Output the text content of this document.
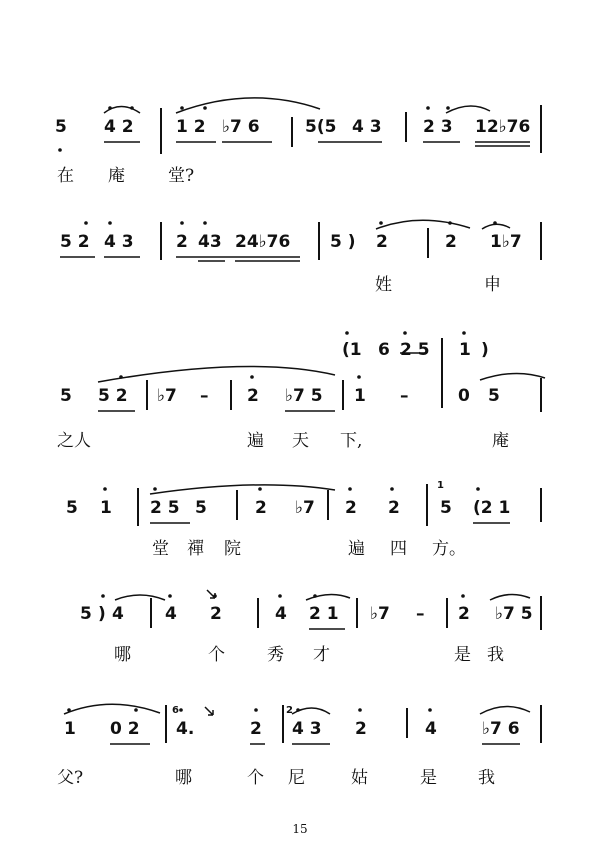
5 4 2 1 2 ♭7 6	5(5 4 3 2 3 12♭76
在 庵	堂?
5 2 4 3 2 43 24♭76 5 ) 2	2 1♭7
姓	申
(1 6 2 5 1 )
5 5 2 ♭7 – 2 ♭7 5 1 –	0 5
之人	遍 天 下,	庵
5 1 2 5 5	2 ♭7 2 2
1
5 (2 1
堂 禪 院	遍 四 方。
5 ) 4 4 2	4 2 1 ♭7 – 2 ♭7 5
哪	个 秀 才	是 我
1 0 2
6
4.	2
2
4 3 2	4	♭7 6
父?	哪	个 尼	姑	是 我
15
